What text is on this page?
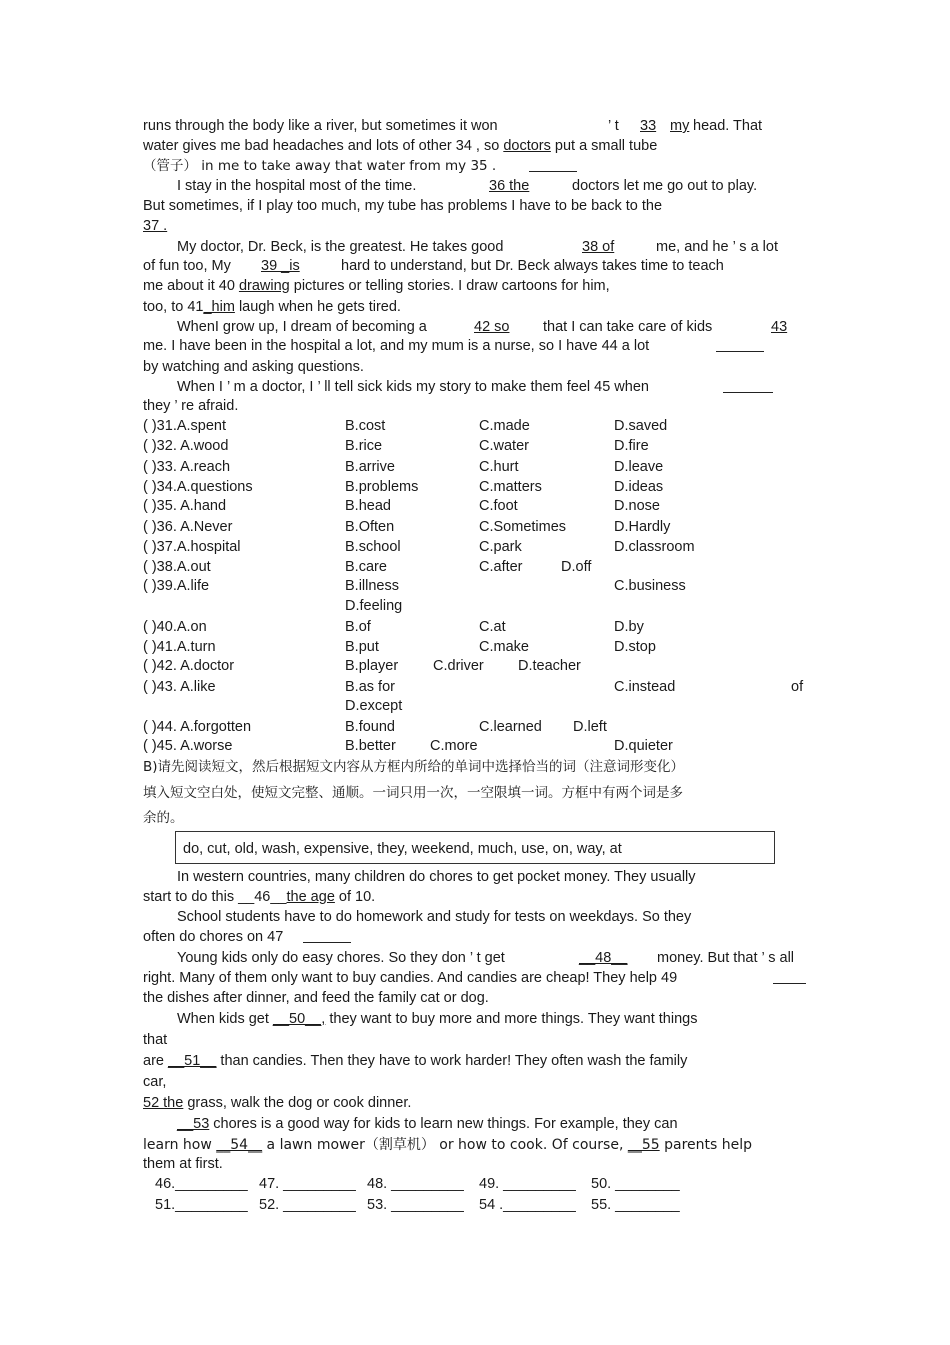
runs through the body like a river, but sometimes it won	’ t 33 my head. That
water gives me bad headaches and lots of other 34 , so doctors put a small tube
（管子） in me to take away that water from my 35 .
I stay in the hospital most of the time.	36 the	doctors let me go out to play.
But sometimes, if I play too much, my tube has problems I have to be back to the
37 .
My doctor, Dr. Beck, is the greatest. He takes good	38 of	me, and he ’ s a lot
of fun too, My 39 _is	hard to understand, but Dr. Beck always takes time to teach
me about it 40 drawing pictures or telling stories. I draw cartoons for him,
too, to 41_him laugh when he gets tired.
WhenI grow up, I dream of becoming a	42 so that I can take care of kids	43
me. I have been in the hospital a lot, and my mum is a nurse, so I have 44 a lot
by watching and asking questions.
When I ’ m a doctor, I ’ ll tell sick kids my story to make them feel 45 when
they ’ re afraid.
( )31.A.spent	B.cost	C.made	D.saved
( )32. A.wood	B.rice	C.water	D.fire
( )33. A.reach	B.arrive	C.hurt	D.leave
( )34.A.questions	B.problems	C.matters	D.ideas
( )35. A.hand	B.head	C.foot	D.nose
( )36. A.Never	B.Often	C.Sometimes	D.Hardly
( )37.A.hospital	B.school	C.park	D.classroom
( )38.A.out	B.care	C.after	D.off
( )39.A.life	B.illness	C.business
D.feeling
( )40.A.on	B.of	C.at	D.by
( )41.A.turn	B.put	C.make	D.stop
( )42. A.doctor	B.player C.driver D.teacher
( )43. A.like	B.as for	C.instead	of
D.except
( )44. A.forgotten	B.found	C.learned D.left
( )45. A.worse	B.better C.more	D.quieter
B)请先阅读短文，然后根据短文内容从方框内所给的单词中选择恰当的词（注意词形变化）
填入短文空白处，使短文完整、通顺。一词只用一次，一空限填一词。方框中有两个词是多
余的。
do, cut, old, wash, expensive, they, weekend, much, use, on, way, at
In western countries, many children do chores to get pocket money. They usually
start to do this __46__the age of 10.
School students have to do homework and study for tests on weekdays. So they
often do chores on 47
Young kids only do easy chores. So they don ’ t get	__48__ money. But that ’ s all
right. Many of them only want to buy candies. And candies are cheap! They help 49
the dishes after dinner, and feed the family cat or dog.
When kids get __50__, they want to buy more and more things. They want things
that
are __51__ than candies. Then they have to work harder! They often wash the family
car,
52 the grass, walk the dog or cook dinner.
__53 chores is a good way for kids to learn new things. For example, they can
learn how __54__ a lawn mower（割草机） or how to cook. Of course, __55 parents help
them at first.
46._________ 47. _________ 48. _________ 49. _________ 50. ________
51._________ 52. _________ 53. _________ 54 ._________ 55. ________
